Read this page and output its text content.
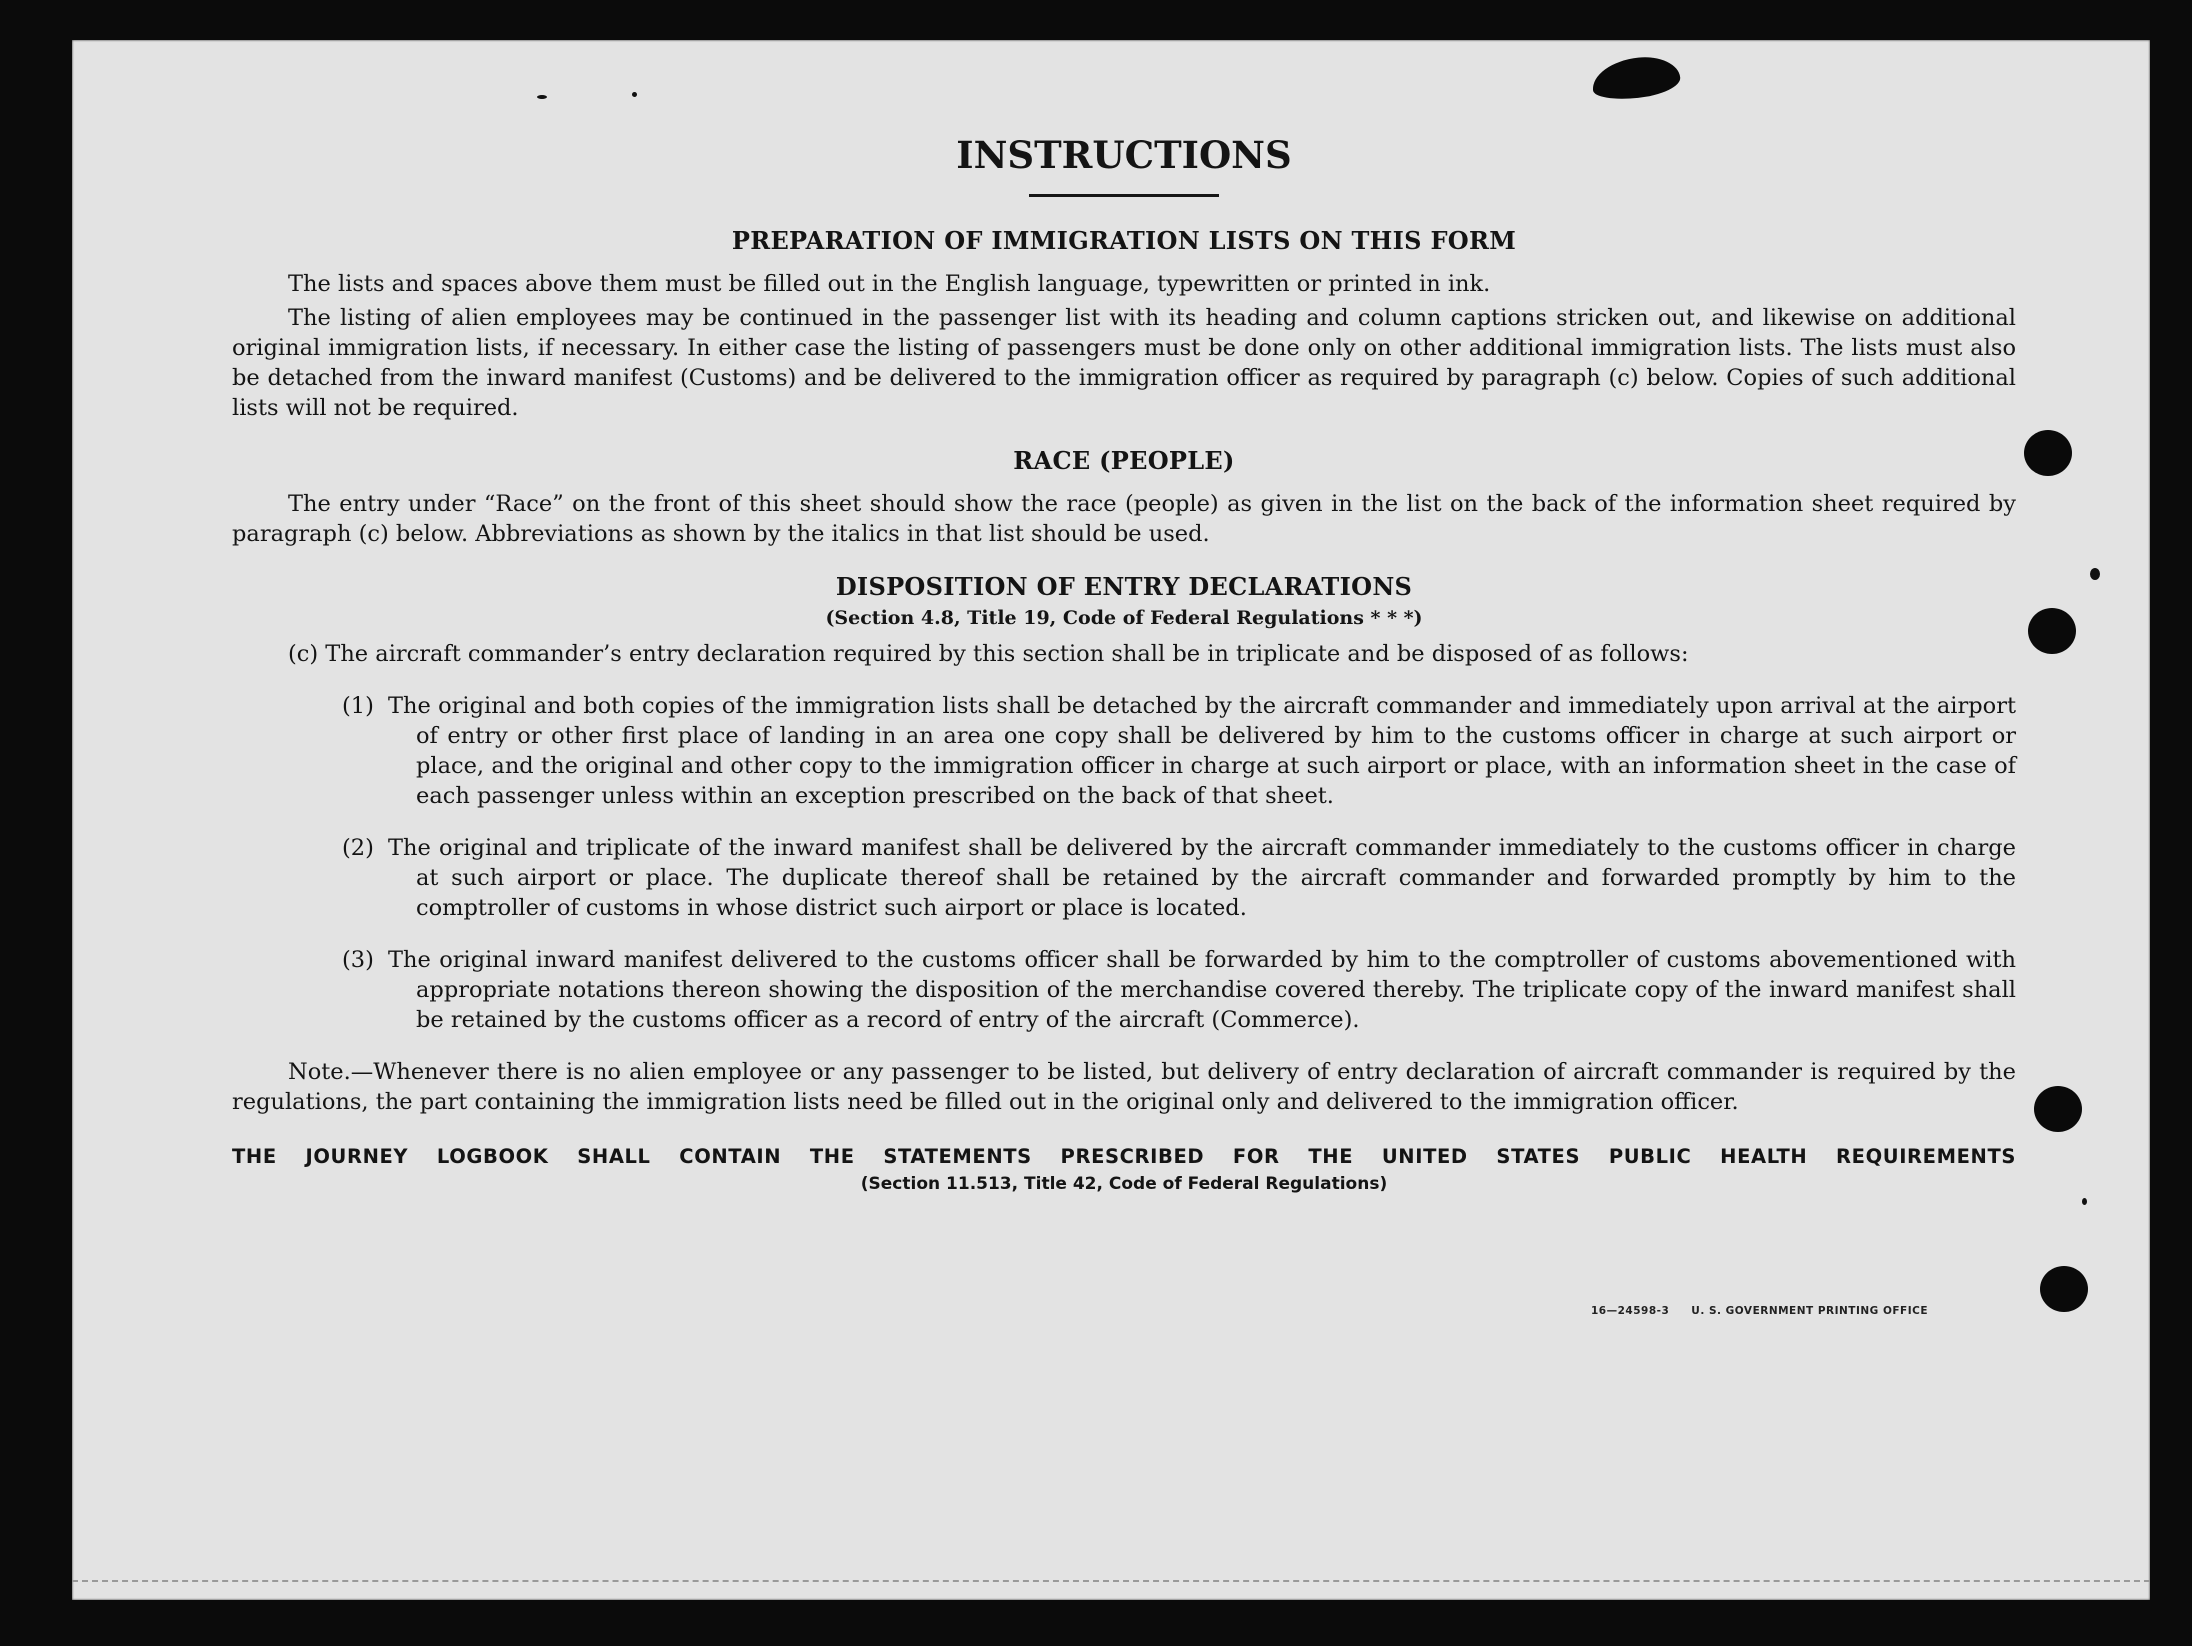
INSTRUCTIONS
PREPARATION OF IMMIGRATION LISTS ON THIS FORM

The lists and spaces above them must be filled out in the English language, typewritten or printed in ink.

The listing of alien employees may be continued in the passenger list with its heading and column captions stricken out, and likewise on additional original immigration lists, if necessary. In either case the listing of passengers must be done only on other additional immigration lists. The lists must also be detached from the inward manifest (Customs) and be delivered to the immigration officer as required by paragraph (c) below. Copies of such additional lists will not be required.

RACE (PEOPLE)

The entry under “Race” on the front of this sheet should show the race (people) as given in the list on the back of the information sheet required by paragraph (c) below. Abbreviations as shown by the italics in that list should be used.

DISPOSITION OF ENTRY DECLARATIONS

(Section 4.8, Title 19, Code of Federal Regulations * * *)

(c) The aircraft commander’s entry declaration required by this section shall be in triplicate and be disposed of as follows:

(1) The original and both copies of the immigration lists shall be detached by the aircraft commander and immediately upon arrival at the airport of entry or other first place of landing in an area one copy shall be delivered by him to the customs officer in charge at such airport or place, and the original and other copy to the immigration officer in charge at such airport or place, with an information sheet in the case of each passenger unless within an exception prescribed on the back of that sheet.
(2) The original and triplicate of the inward manifest shall be delivered by the aircraft commander immediately to the customs officer in charge at such airport or place. The duplicate thereof shall be retained by the aircraft commander and forwarded promptly by him to the comptroller of customs in whose district such airport or place is located.
(3) The original inward manifest delivered to the customs officer shall be forwarded by him to the comptroller of customs abovementioned with appropriate notations thereon showing the disposition of the merchandise covered thereby. The triplicate copy of the inward manifest shall be retained by the customs officer as a record of entry of the aircraft (Commerce).

Note.—Whenever there is no alien employee or any passenger to be listed, but delivery of entry declaration of aircraft commander is required by the regulations, the part containing the immigration lists need be filled out in the original only and delivered to the immigration officer.

THE JOURNEY LOGBOOK SHALL CONTAIN THE STATEMENTS PRESCRIBED FOR THE UNITED STATES PUBLIC HEALTH REQUIREMENTS

(Section 11.513, Title 42, Code of Federal Regulations)

16—24598-3 U. S. GOVERNMENT PRINTING OFFICE
